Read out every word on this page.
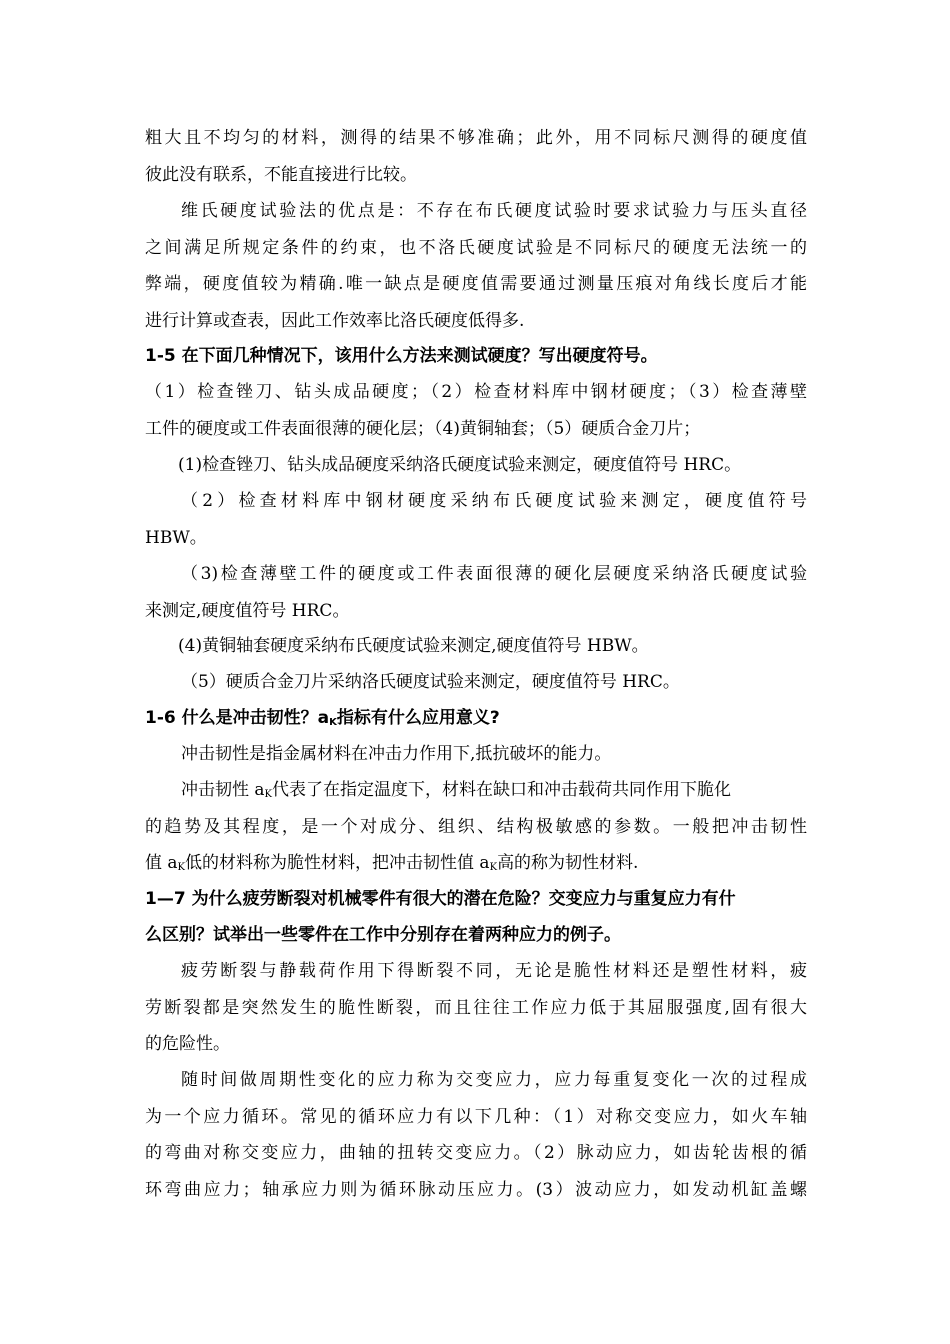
粗大且不均匀的材料，测得的结果不够准确；此外，用不同标尺测得的硬度值
彼此没有联系，不能直接进行比较。
维氏硬度试验法的优点是：不存在布氏硬度试验时要求试验力与压头直径
之间满足所规定条件的约束，也不洛氏硬度试验是不同标尺的硬度无法统一的
弊端，硬度值较为精确.唯一缺点是硬度值需要通过测量压痕对角线长度后才能
进行计算或查表，因此工作效率比洛氏硬度低得多.
1-5 在下面几种情况下，该用什么方法来测试硬度？写出硬度符号。
（1）检查锉刀、钻头成品硬度；（2）检查材料库中钢材硬度；（3）检查薄壁
工件的硬度或工件表面很薄的硬化层；（4)黄铜轴套；（5）硬质合金刀片；
(1)检查锉刀、钻头成品硬度采纳洛氏硬度试验来测定，硬度值符号 HRC。
（2）检查材料库中钢材硬度采纳布氏硬度试验来测定，硬度值符号
HBW。
（3)检查薄壁工件的硬度或工件表面很薄的硬化层硬度采纳洛氏硬度试验
来测定,硬度值符号 HRC。
(4)黄铜轴套硬度采纳布氏硬度试验来测定,硬度值符号 HBW。
（5）硬质合金刀片采纳洛氏硬度试验来测定，硬度值符号 HRC。
1-6 什么是冲击韧性？$a_K$指标有什么应用意义?
冲击韧性是指金属材料在冲击力作用下,抵抗破坏的能力。
冲击韧性 $a_K$代表了在指定温度下，材料在缺口和冲击载荷共同作用下脆化
的趋势及其程度，是一个对成分、组织、结构极敏感的参数。一般把冲击韧性
值 $a_K$低的材料称为脆性材料，把冲击韧性值 $a_K$高的称为韧性材料.
1—7 为什么疲劳断裂对机械零件有很大的潜在危险？交变应力与重复应力有什
么区别？试举出一些零件在工作中分别存在着两种应力的例子。
疲劳断裂与静载荷作用下得断裂不同，无论是脆性材料还是塑性材料，疲
劳断裂都是突然发生的脆性断裂，而且往往工作应力低于其屈服强度,固有很大
的危险性。
随时间做周期性变化的应力称为交变应力，应力每重复变化一次的过程成
为一个应力循环。常见的循环应力有以下几种：（1）对称交变应力，如火车轴
的弯曲对称交变应力，曲轴的扭转交变应力。（2）脉动应力，如齿轮齿根的循
环弯曲应力；轴承应力则为循环脉动压应力。(3）波动应力，如发动机缸盖螺
